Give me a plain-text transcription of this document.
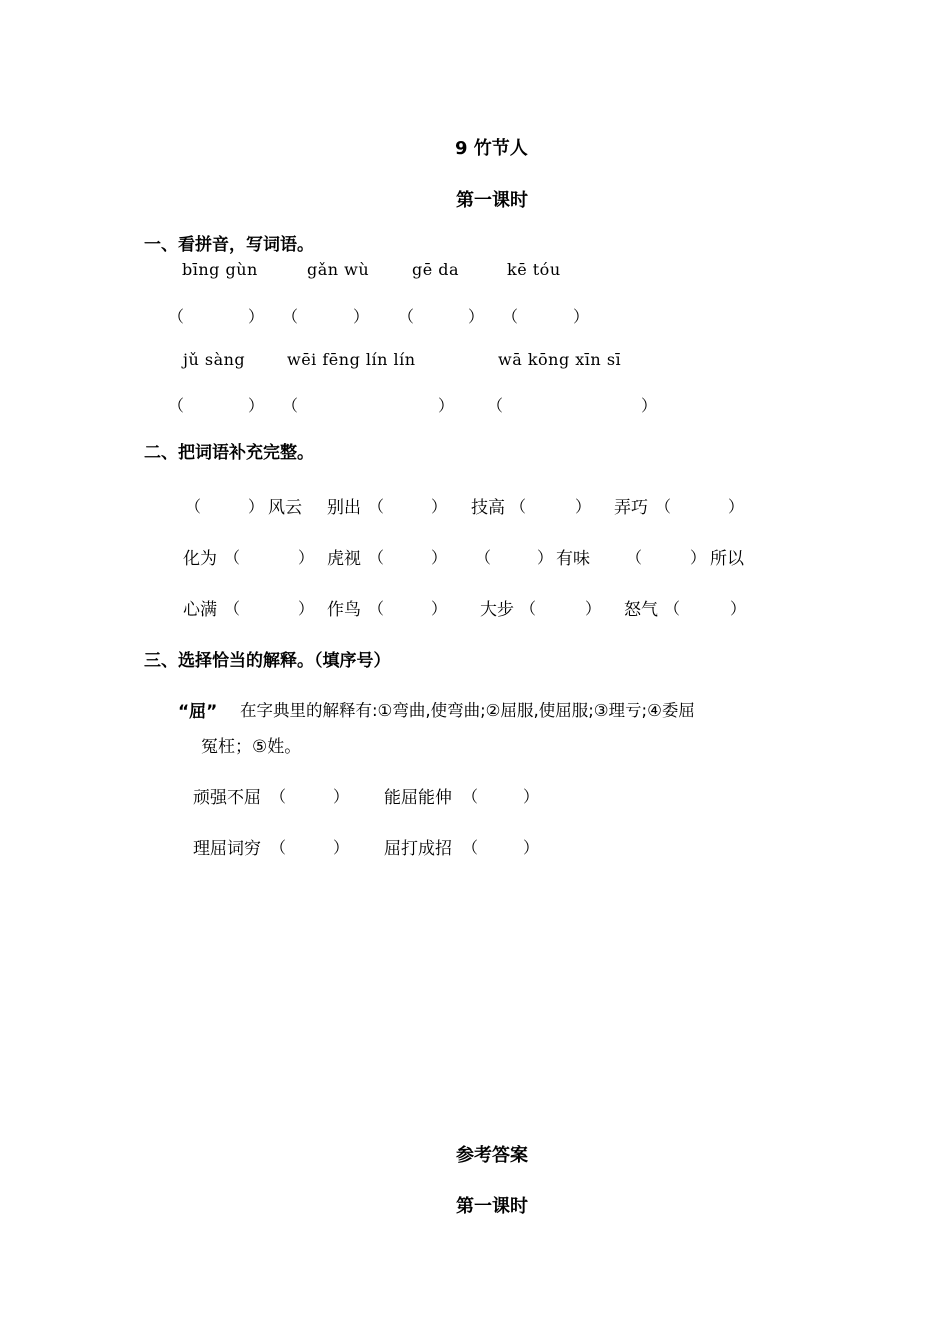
9 竹节人
第一课时
一、看拼音，写词语。
bīng gùn	gǎn wù	gē da	kē tóu
（	） （	） （	） （	）
jǔ sàng	wēi fēng lín lín	wā kōng xīn sī
（	） （	） （	）
二、把词语补充完整。
（	） 风云 别出 （	） 技高 （	） 弄巧 （	）
化为 （	） 虎视 （	） （	） 有味 （	） 所以
心满 （	） 作鸟 （	） 大步 （	） 怒气 （	）
三、选择恰当的解释。（填序号）
“屈” 在字典里的解释有:①弯曲,使弯曲;②屈服,使屈服;③理亏;④委屈
冤枉；⑤姓。
顽强不屈 （	） 能屈能伸 （	）
理屈词穷 （	） 屈打成招 （	）
参考答案
第一课时
